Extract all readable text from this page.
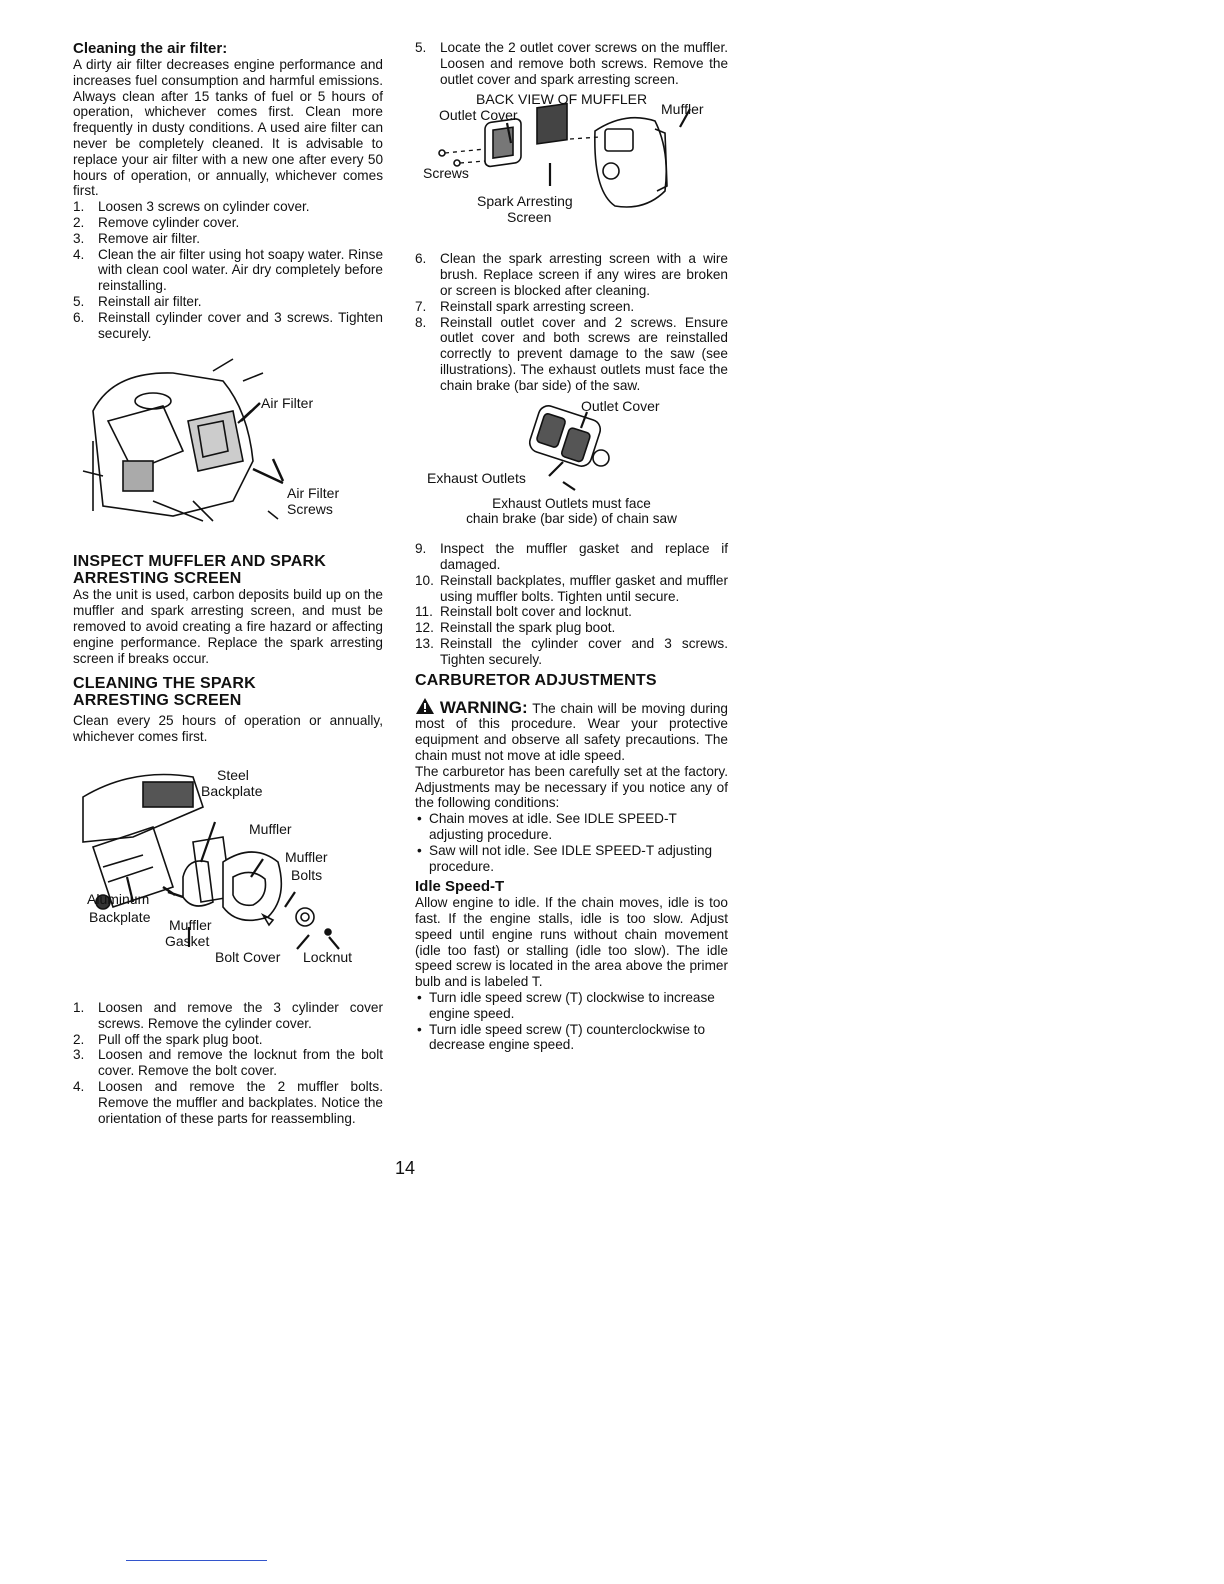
Cleaning the air filter:

A dirty air filter decreases engine performance and increases fuel consumption and harmful emissions. Always clean after 15 tanks of fuel or 5 hours of operation, whichever comes first. Clean more frequently in dusty conditions. A used aire filter can never be completely cleaned. It is advisable to replace your air filter with a new one after every 50 hours of operation, or annually, whichever comes first.

1. Loosen 3 screws on cylinder cover.
2. Remove cylinder cover.
3. Remove air filter.
4. Clean the air filter using hot soapy water. Rinse with clean cool water. Air dry completely before reinstalling.
5. Reinstall air filter.
6. Reinstall cylinder cover and 3 screws. Tighten securely.
Air Filter
Air Filter
Screws
INSPECT MUFFLER AND SPARK
ARRESTING SCREEN

As the unit is used, carbon deposits build up on the muffler and spark arresting screen, and must be removed to avoid creating a fire hazard or affecting engine performance. Replace the spark arresting screen if breaks occur.

CLEANING THE SPARK
ARRESTING SCREEN

Clean every 25 hours of operation or annually, whichever comes first.

Steel
Backplate
Muffler
Muffler
Bolts
Aluminum
Backplate Muffler
Gasket
Bolt Cover Locknut
1. Loosen and remove the 3 cylinder cover screws. Remove the cylinder cover.
2. Pull off the spark plug boot.
3. Loosen and remove the locknut from the bolt cover. Remove the bolt cover.
4. Loosen and remove the 2 muffler bolts. Remove the muffler and backplates. Notice the orientation of these parts for reassembling.
5. Locate the 2 outlet cover screws on the muffler. Loosen and remove both screws. Remove the outlet cover and spark arresting screen.
BACK VIEW OF MUFFLER
Outlet Cover	Muffler
Screws
Spark Arresting
Screen
6. Clean the spark arresting screen with a wire brush. Replace screen if any wires are broken or screen is blocked after cleaning.
7. Reinstall spark arresting screen.
8. Reinstall outlet cover and 2 screws. Ensure outlet cover and both screws are reinstalled correctly to prevent damage to the saw (see illustrations). The exhaust outlets must face the chain brake (bar side) of the saw.
Outlet Cover
Exhaust Outlets
Exhaust Outlets must face
chain brake (bar side) of chain saw
9. Inspect the muffler gasket and replace if damaged.
10. Reinstall backplates, muffler gasket and muffler using muffler bolts. Tighten until secure.
11. Reinstall bolt cover and locknut.
12. Reinstall the spark plug boot.
13. Reinstall the cylinder cover and 3 screws. Tighten securely.
CARBURETOR ADJUSTMENTS

WARNING: The chain will be moving during most of this procedure. Wear your protective equipment and observe all safety precautions. The chain must not move at idle speed.

The carburetor has been carefully set at the factory. Adjustments may be necessary if you notice any of the following conditions:

• Chain moves at idle. See IDLE SPEED-T adjusting procedure.
• Saw will not idle. See IDLE SPEED-T adjusting procedure.
Idle Speed-T

Allow engine to idle. If the chain moves, idle is too fast. If the engine stalls, idle is too slow. Adjust speed until engine runs without chain movement (idle too fast) or stalling (idle too slow). The idle speed screw is located in the area above the primer bulb and is labeled T.

• Turn idle speed screw (T) clockwise to increase engine speed.
• Turn idle speed screw (T) counterclockwise to decrease engine speed.
14
